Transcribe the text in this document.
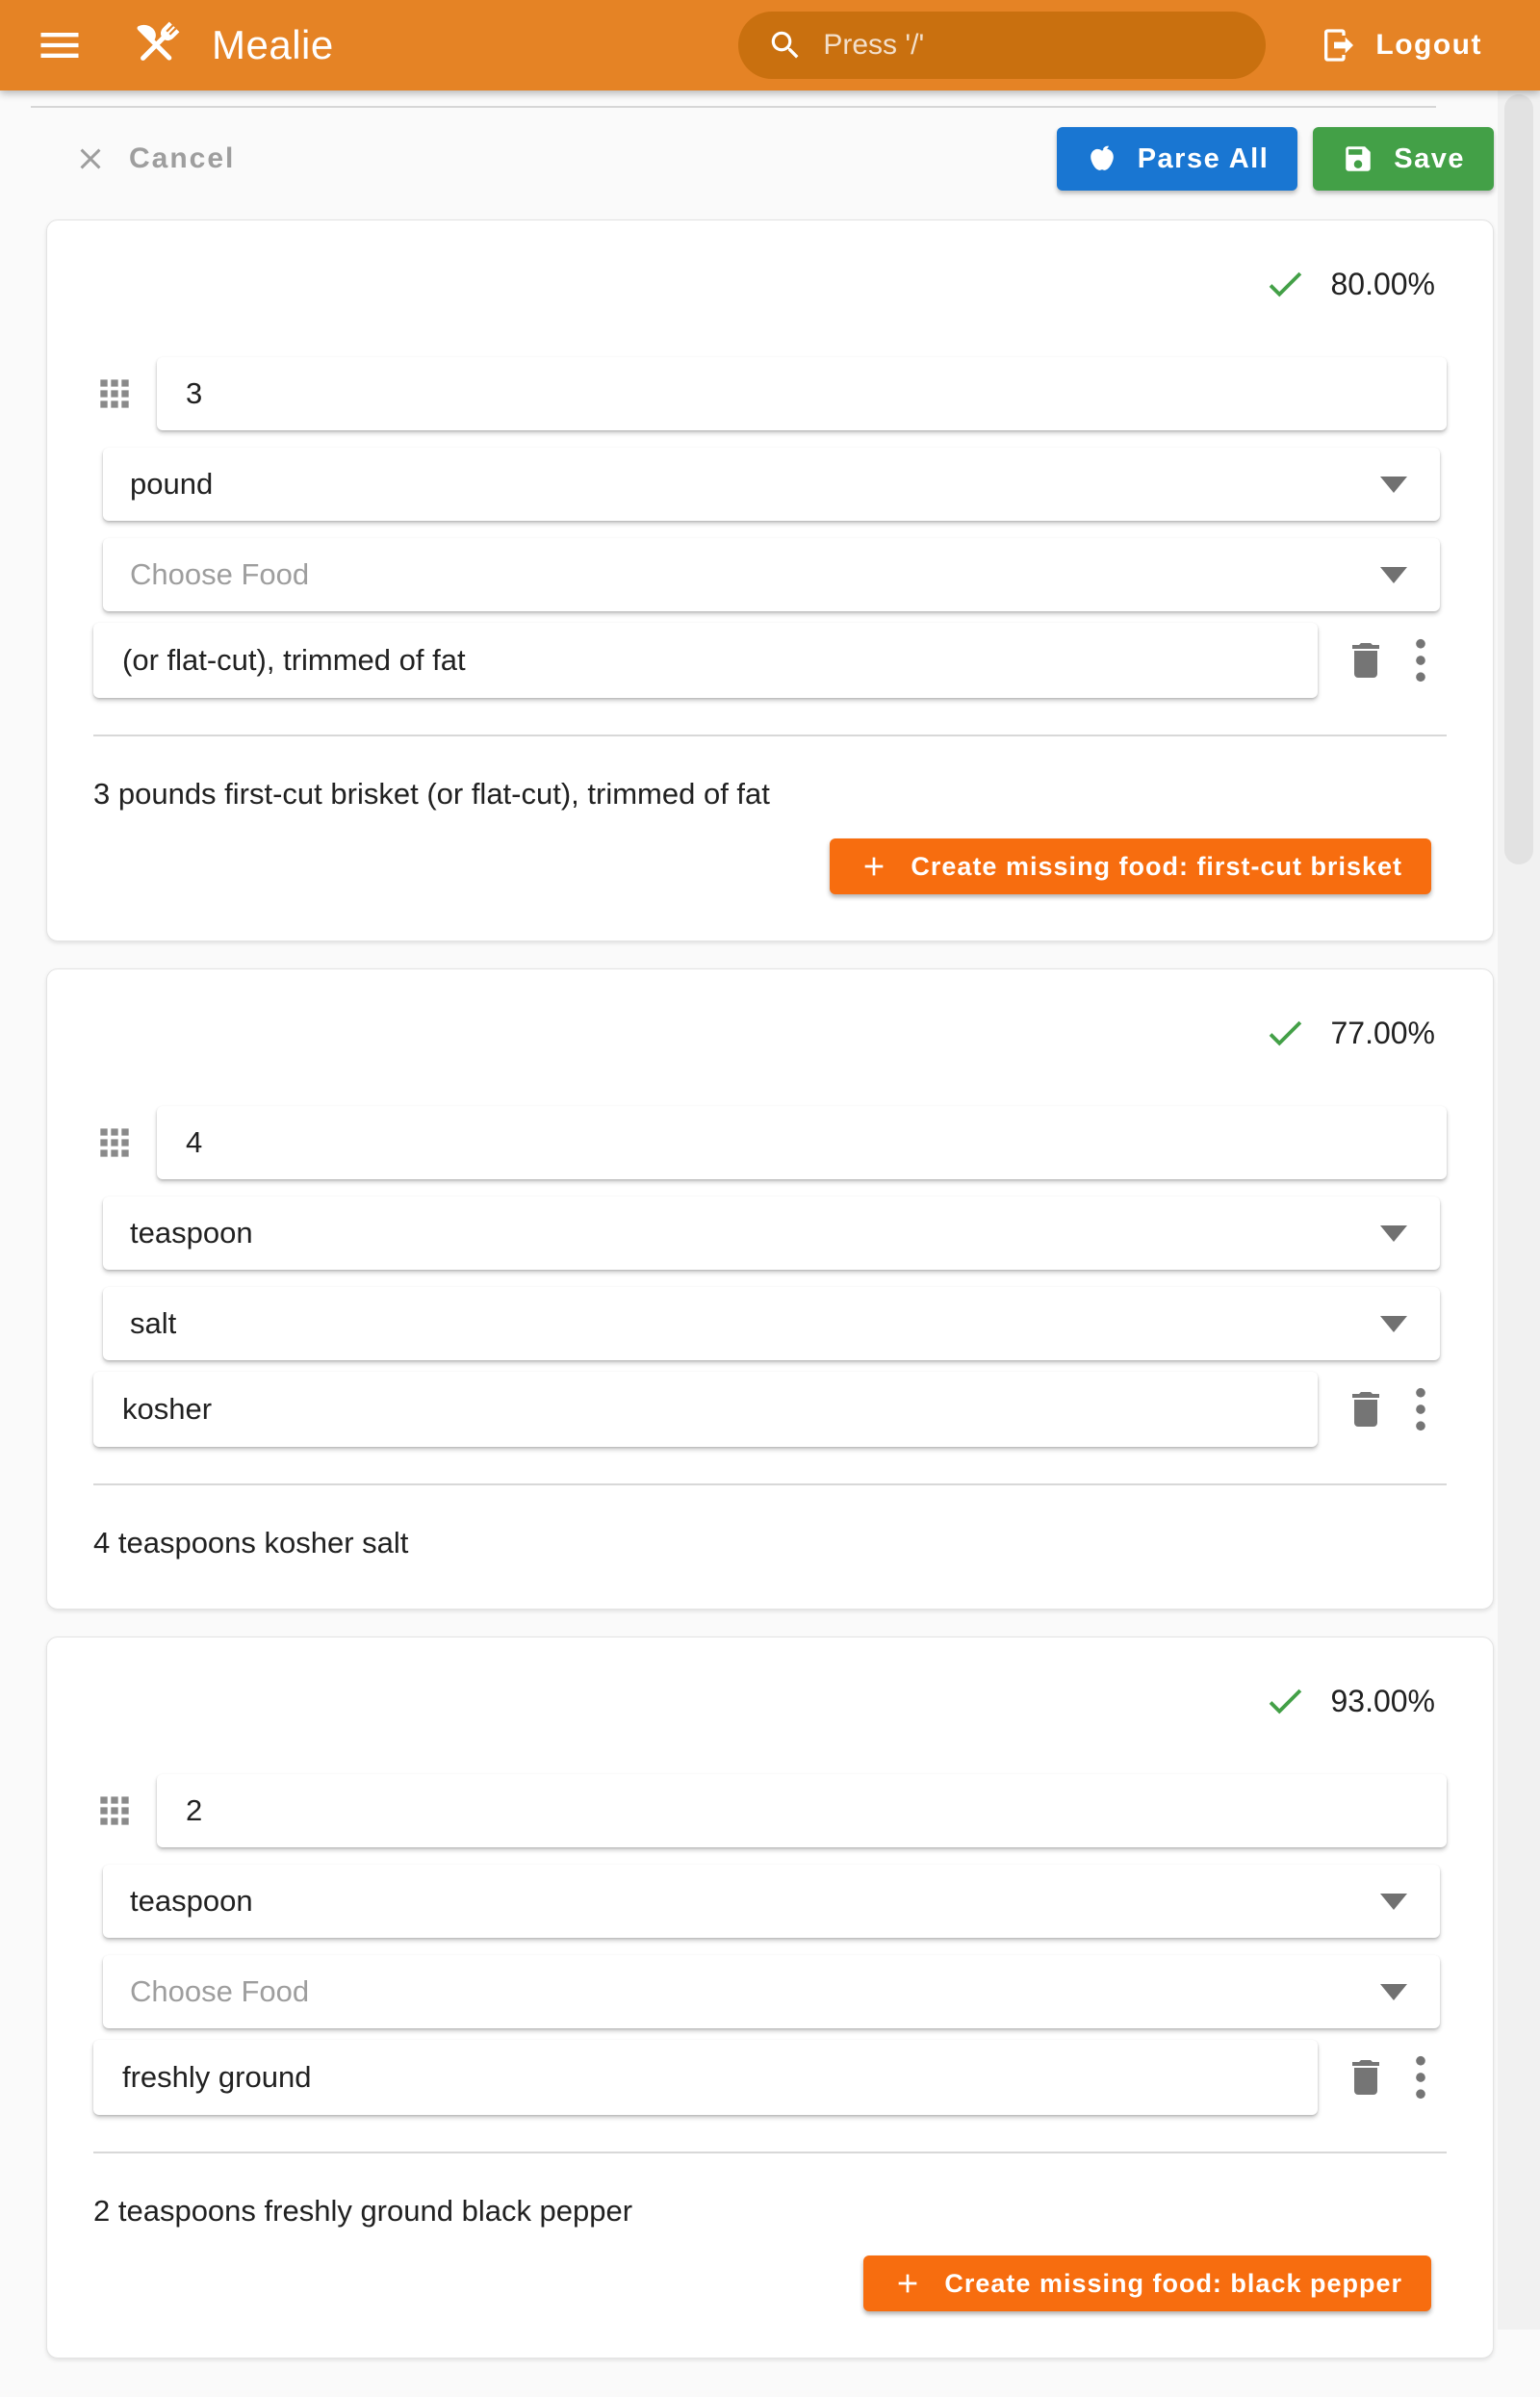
Mealie
Press '/'	Logout
Cancel	Parse All	Save
80.00%
3
pound
Choose Food
(or flat-cut), trimmed of fat

3 pounds first-cut brisket (or flat-cut), trimmed of fat

Create missing food: first-cut brisket
77.00%
4
teaspoon
salt
kosher

4 teaspoons kosher salt

93.00%
2
teaspoon
Choose Food
freshly ground

2 teaspoons freshly ground black pepper

Create missing food: black pepper
